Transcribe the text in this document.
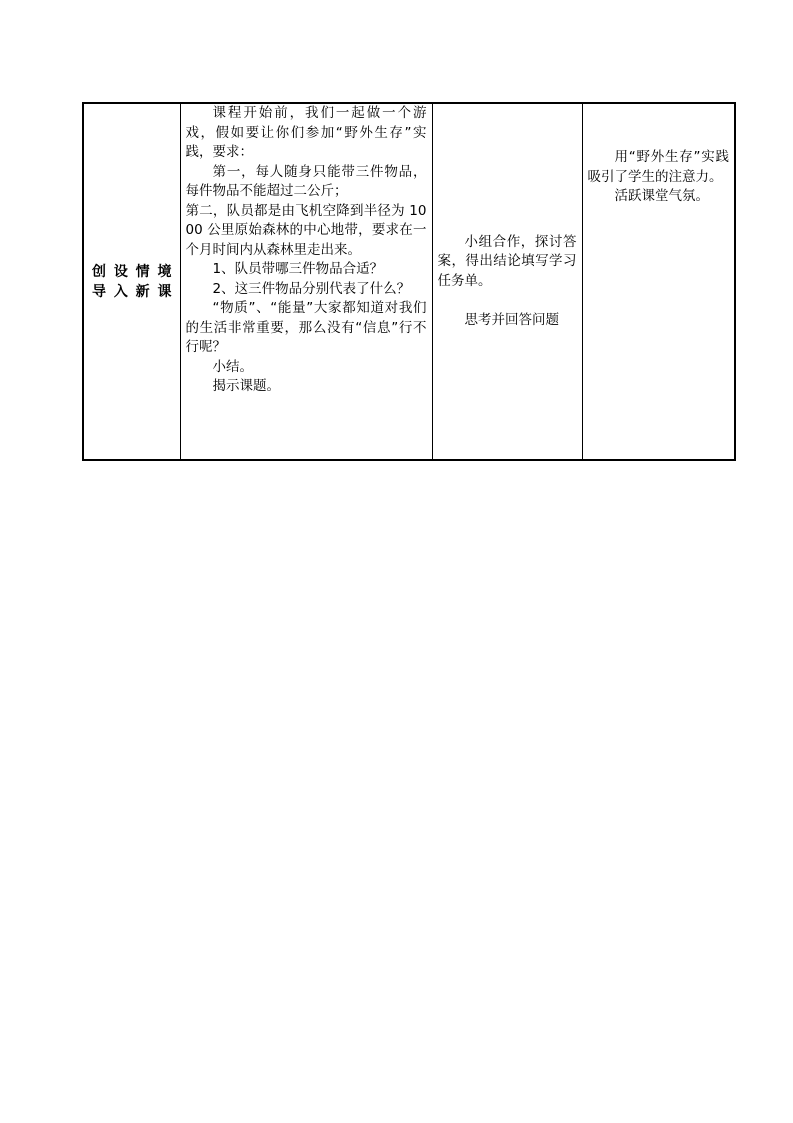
创设情境
导入新课

课程开始前，我们一起做一个游戏，假如要让你们参加“野外生存”实践，要求：
第一，每人随身只能带三件物品，每件物品不能超过二公斤；
第二，队员都是由飞机空降到半径为 1000 公里原始森林的中心地带，要求在一个月时间内从森林里走出来。
1、队员带哪三件物品合适？
2、这三件物品分别代表了什么？
“物质”、“能量”大家都知道对我们的生活非常重要，那么没有“信息”行不行呢？
小结。
揭示课题。

小组合作，探讨答案，得出结论填写学习任务单。
思考并回答问题

用“野外生存”实践吸引了学生的注意力。
活跃课堂气氛。
